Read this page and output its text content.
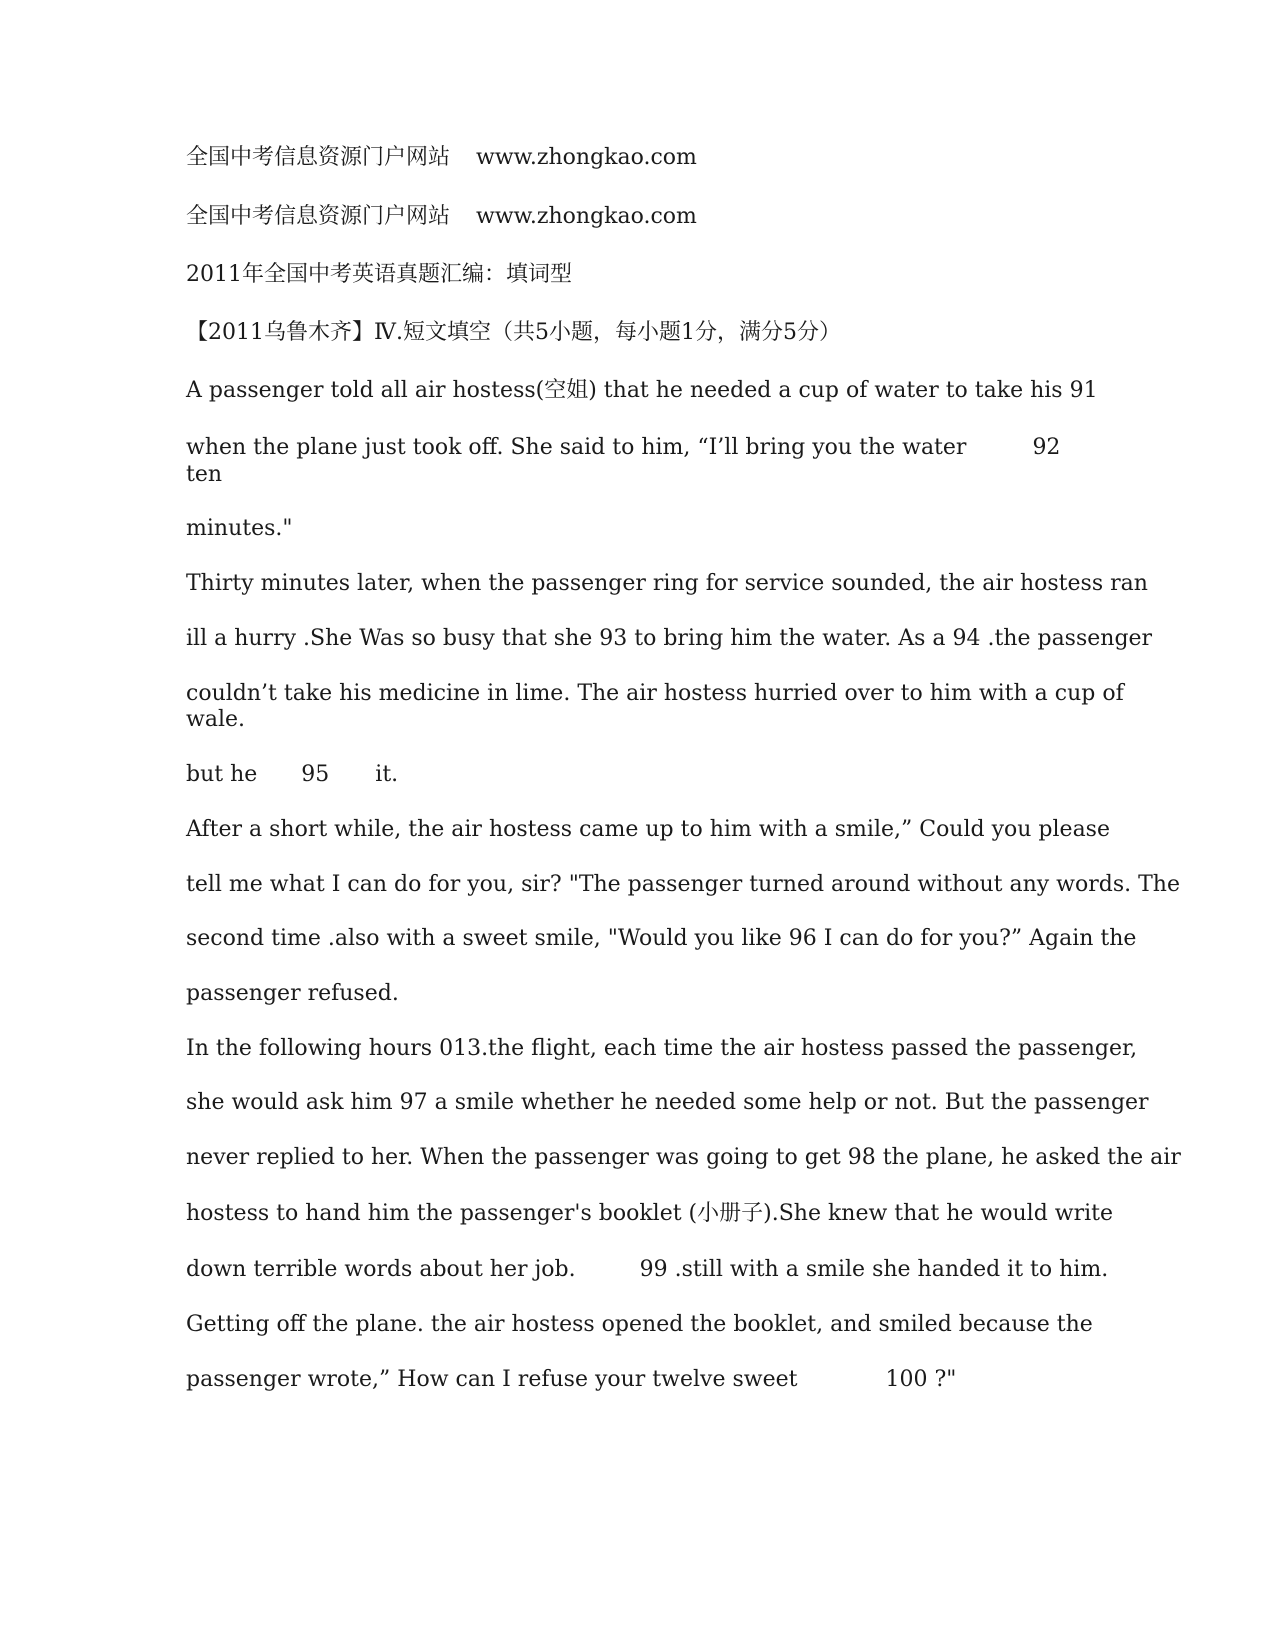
全国中考信息资源门户网站 www.zhongkao.com

全国中考信息资源门户网站 www.zhongkao.com

2011年全国中考英语真题汇编：填词型

【2011乌鲁木齐】Ⅳ.短文填空（共5小题，每小题1分，满分5分）

A passenger told all air hostess(空姐) that he needed a cup of water to take his 91

when the plane just took off. She said to him, “I’ll bring you the water	92

ten

minutes."

Thirty minutes later, when the passenger ring for service sounded, the air hostess ran

ill a hurry .She Was so busy that she 93 to bring him the water. As a 94 .the passenger

couldn’t take his medicine in lime. The air hostess hurried over to him with a cup of

wale.

but he 95 it.

After a short while, the air hostess came up to him with a smile,” Could you please

tell me what I can do for you, sir? "The passenger turned around without any words. The

second time .also with a sweet smile, "Would you like 96 I can do for you?” Again the

passenger refused.

In the following hours 013.the flight, each time the air hostess passed the passenger,

she would ask him 97 a smile whether he needed some help or not. But the passenger

never replied to her. When the passenger was going to get 98 the plane, he asked the air

hostess to hand him the passenger's booklet (小册子).She knew that he would write

down terrible words about her job.	99 .still with a smile she handed it to him.

Getting off the plane. the air hostess opened the booklet, and smiled because the

passenger wrote,” How can I refuse your twelve sweet	100 ?"
